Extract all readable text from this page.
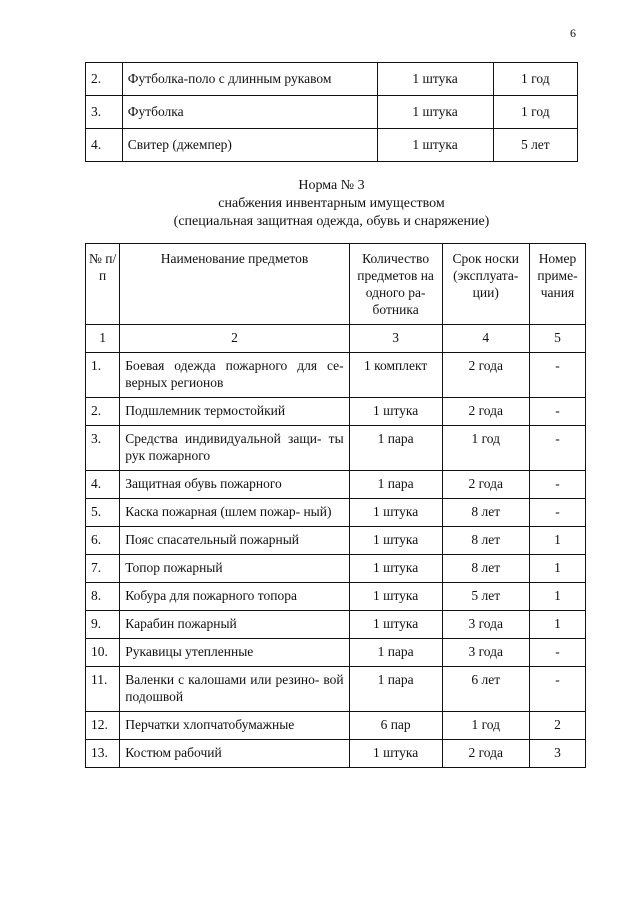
6
2.	Футболка-поло с длинным рукавом	1 штука	1 год
3.	Футболка	1 штука	1 год
4.	Свитер (джемпер)	1 штука	5 лет
Норма № 3
снабжения инвентарным имуществом
(специальная защитная одежда, обувь и снаряжение)
№ п/п	Наименование предметов	Количество предметов на одного ра- ботника	Срок носки (эксплуата- ции)	Номер приме- чания
1	2	3	4	5
1.	Боевая одежда пожарного для се- верных регионов	1 комплект	2 года	-
2.	Подшлемник термостойкий	1 штука	2 года	-
3.	Средства индивидуальной защи- ты рук пожарного	1 пара	1 год	-
4.	Защитная обувь пожарного	1 пара	2 года	-
5.	Каска пожарная (шлем пожар- ный)	1 штука	8 лет	-
6.	Пояс спасательный пожарный	1 штука	8 лет	1
7.	Топор пожарный	1 штука	8 лет	1
8.	Кобура для пожарного топора	1 штука	5 лет	1
9.	Карабин пожарный	1 штука	3 года	1
10.	Рукавицы утепленные	1 пара	3 года	-
11.	Валенки с калошами или резино- вой подошвой	1 пара	6 лет	-
12.	Перчатки хлопчатобумажные	6 пар	1 год	2
13.	Костюм рабочий	1 штука	2 года	3
